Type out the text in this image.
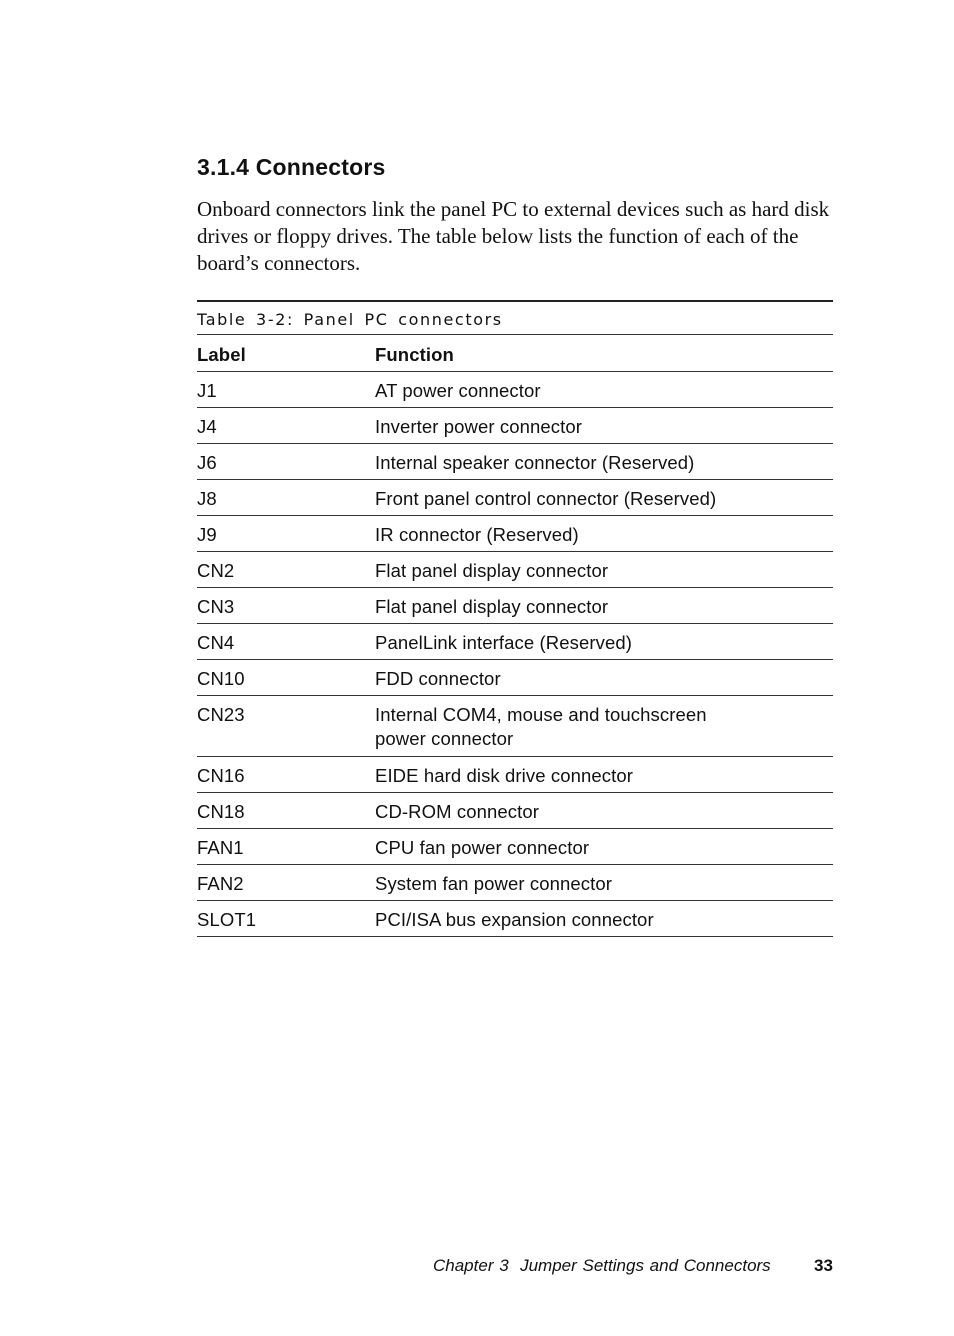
3.1.4 Connectors

Onboard connectors link the panel PC to external devices such as hard disk drives or floppy drives. The table below lists the function of each of the board’s connectors.

Table 3-2: Panel PC connectors
Label	Function
J1	AT power connector
J4	Inverter power connector
J6	Internal speaker connector (Reserved)
J8	Front panel control connector (Reserved)
J9	IR connector (Reserved)
CN2	Flat panel display connector
CN3	Flat panel display connector
CN4	PanelLink interface (Reserved)
CN10	FDD connector
CN23	Internal COM4, mouse and touchscreen
power connector
CN16	EIDE hard disk drive connector
CN18	CD-ROM connector
FAN1	CPU fan power connector
FAN2	System fan power connector
SLOT1	PCI/ISA bus expansion connector
Chapter 3  Jumper Settings and Connectors	33
